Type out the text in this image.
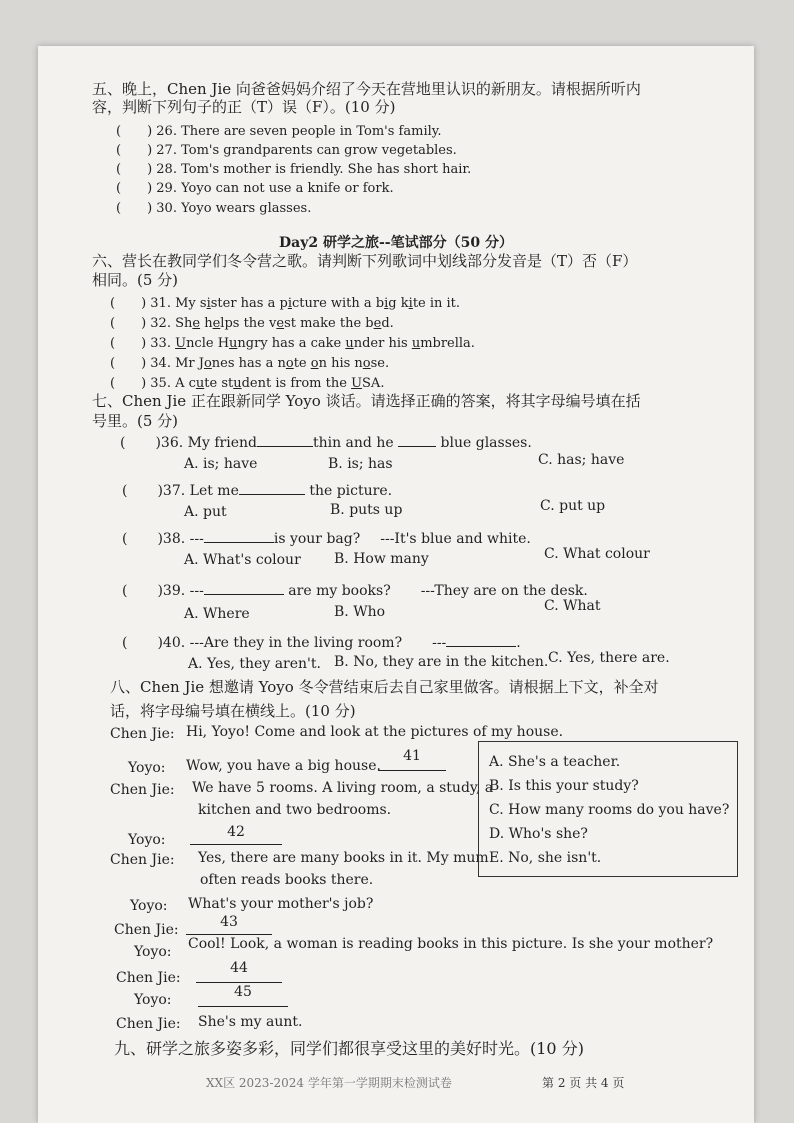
五、晚上，Chen Jie 向爸爸妈妈介绍了今天在营地里认识的新朋友。请根据所听内
容，判断下列句子的正（T）误（F）。(10 分)
(　　) 26. There are seven people in Tom's family.
(　　) 27. Tom's grandparents can grow vegetables.
(　　) 28. Tom's mother is friendly. She has short hair.
(　　) 29. Yoyo can not use a knife or fork.
(　　) 30. Yoyo wears glasses.
Day2 研学之旅--笔试部分（50 分）
六、营长在教同学们冬令营之歌。请判断下列歌词中划线部分发音是（T）否（F）
相同。(5 分)
(　　) 31. My sister has a picture with a big kite in it.
(　　) 32. She helps the vest make the bed.
(　　) 33. Uncle Hungry has a cake under his umbrella.
(　　) 34. Mr Jones has a note on his nose.
(　　) 35. A cute student is from the USA.
七、Chen Jie 正在跟新同学 Yoyo 谈话。请选择正确的答案，将其字母编号填在括
号里。(5 分)
( )36. My friend	thin and he	blue glasses.
A. is; have	B. is; has	C. has; have
( )37. Let me	the picture.
A. put	B. puts up	C. put up
( )38. ---	is your bag? ---It's blue and white.
A. What's colour B. How many	C. What colour
( )39. ---	are my books? ---They are on the desk.
A. Where	B. Who	C. What
( )40. ---Are they in the living room? ---	.
A. Yes, they aren't. B. No, they are in the kitchen. C. Yes, there are.
八、Chen Jie 想邀请 Yoyo 冬令营结束后去自己家里做客。请根据上下文，补全对
话，将字母编号填在横线上。(10 分)
Chen Jie: Hi, Yoyo! Come and look at the pictures of my house.
Yoyo: Wow, you have a big house.
41
Chen Jie: We have 5 rooms. A living room, a study, a
kitchen and two bedrooms.
Yoyo:	42
Chen Jie: Yes, there are many books in it. My mum
often reads books there.
Yoyo: What's your mother's job?
Chen Jie:	43
Yoyo: Cool! Look, a woman is reading books in this picture. Is she your mother?
Chen Jie:
44
Yoyo:	45
Chen Jie: She's my aunt.
A. She's a teacher.
B. Is this your study?
C. How many rooms do you have?
D. Who's she?
E. No, she isn't.
九、研学之旅多姿多彩，同学们都很享受这里的美好时光。(10 分)
ⅩⅩ区 2023-2024 学年第一学期期末检测试卷	第 2 页 共 4 页
